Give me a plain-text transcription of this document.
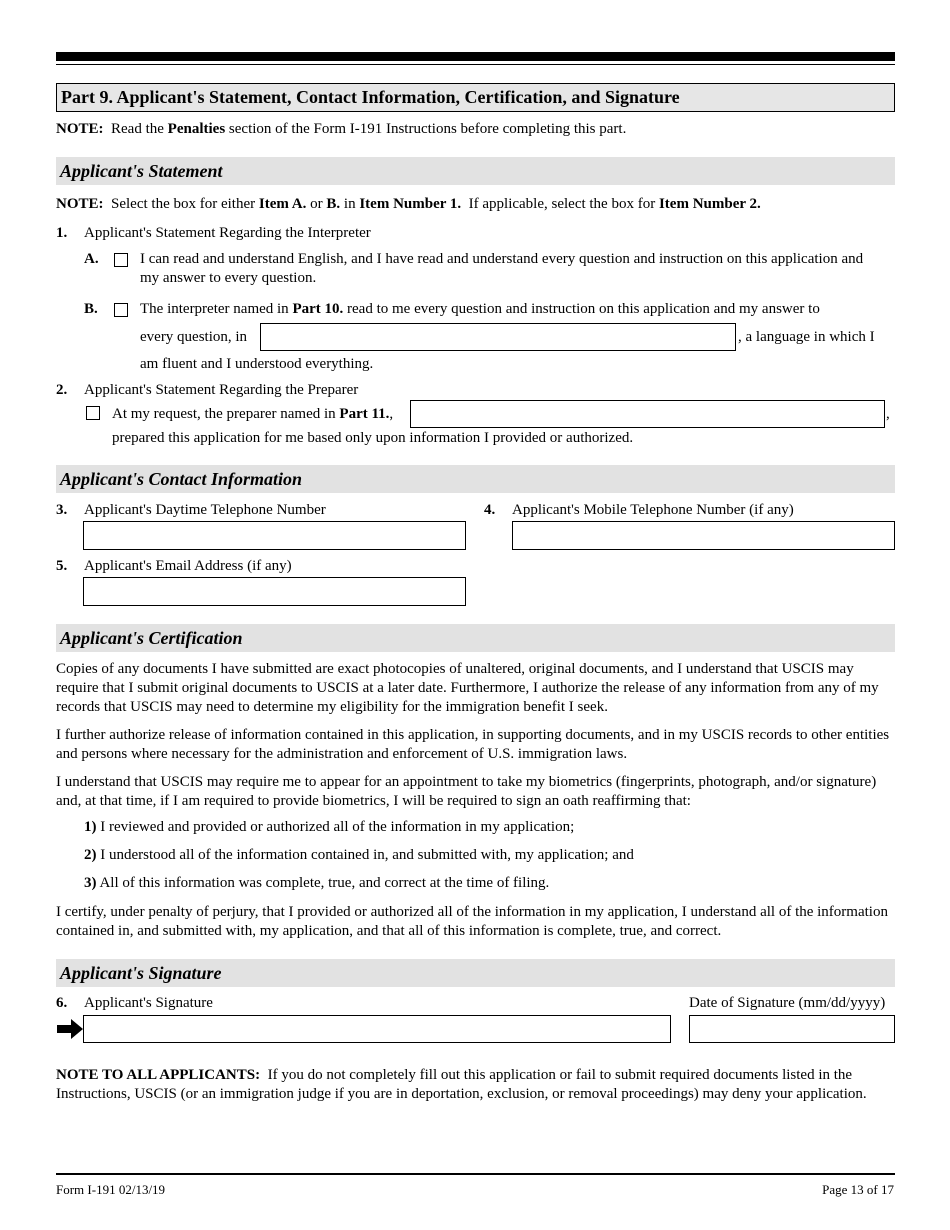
Part 9. Applicant's Statement, Contact Information, Certification, and Signature
NOTE: Read the Penalties section of the Form I-191 Instructions before completing this part.
Applicant's Statement
NOTE: Select the box for either Item A. or B. in Item Number 1. If applicable, select the box for Item Number 2.
1. Applicant's Statement Regarding the Interpreter
A.	I can read and understand English, and I have read and understand every question and instruction on this application and
my answer to every question.
B.	The interpreter named in Part 10. read to me every question and instruction on this application and my answer to
every question, in	, a language in which I
am fluent and I understood everything.
2. Applicant's Statement Regarding the Preparer
At my request, the preparer named in Part 11.,	,
prepared this application for me based only upon information I provided or authorized.
Applicant's Contact Information
3. Applicant's Daytime Telephone Number	4. Applicant's Mobile Telephone Number (if any)
5. Applicant's Email Address (if any)
Applicant's Certification
Copies of any documents I have submitted are exact photocopies of unaltered, original documents, and I understand that USCIS may require that I submit original documents to USCIS at a later date. Furthermore, I authorize the release of any information from any of my records that USCIS may need to determine my eligibility for the immigration benefit I seek.
I further authorize release of information contained in this application, in supporting documents, and in my USCIS records to other entities and persons where necessary for the administration and enforcement of U.S. immigration laws.
I understand that USCIS may require me to appear for an appointment to take my biometrics (fingerprints, photograph, and/or signature) and, at that time, if I am required to provide biometrics, I will be required to sign an oath reaffirming that:
1) I reviewed and provided or authorized all of the information in my application;
2) I understood all of the information contained in, and submitted with, my application; and
3) All of this information was complete, true, and correct at the time of filing.
I certify, under penalty of perjury, that I provided or authorized all of the information in my application, I understand all of the information contained in, and submitted with, my application, and that all of this information is complete, true, and correct.
Applicant's Signature
6. Applicant's Signature	Date of Signature (mm/dd/yyyy)
NOTE TO ALL APPLICANTS: If you do not completely fill out this application or fail to submit required documents listed in the Instructions, USCIS (or an immigration judge if you are in deportation, exclusion, or removal proceedings) may deny your application.
Form I-191 02/13/19	Page 13 of 17
